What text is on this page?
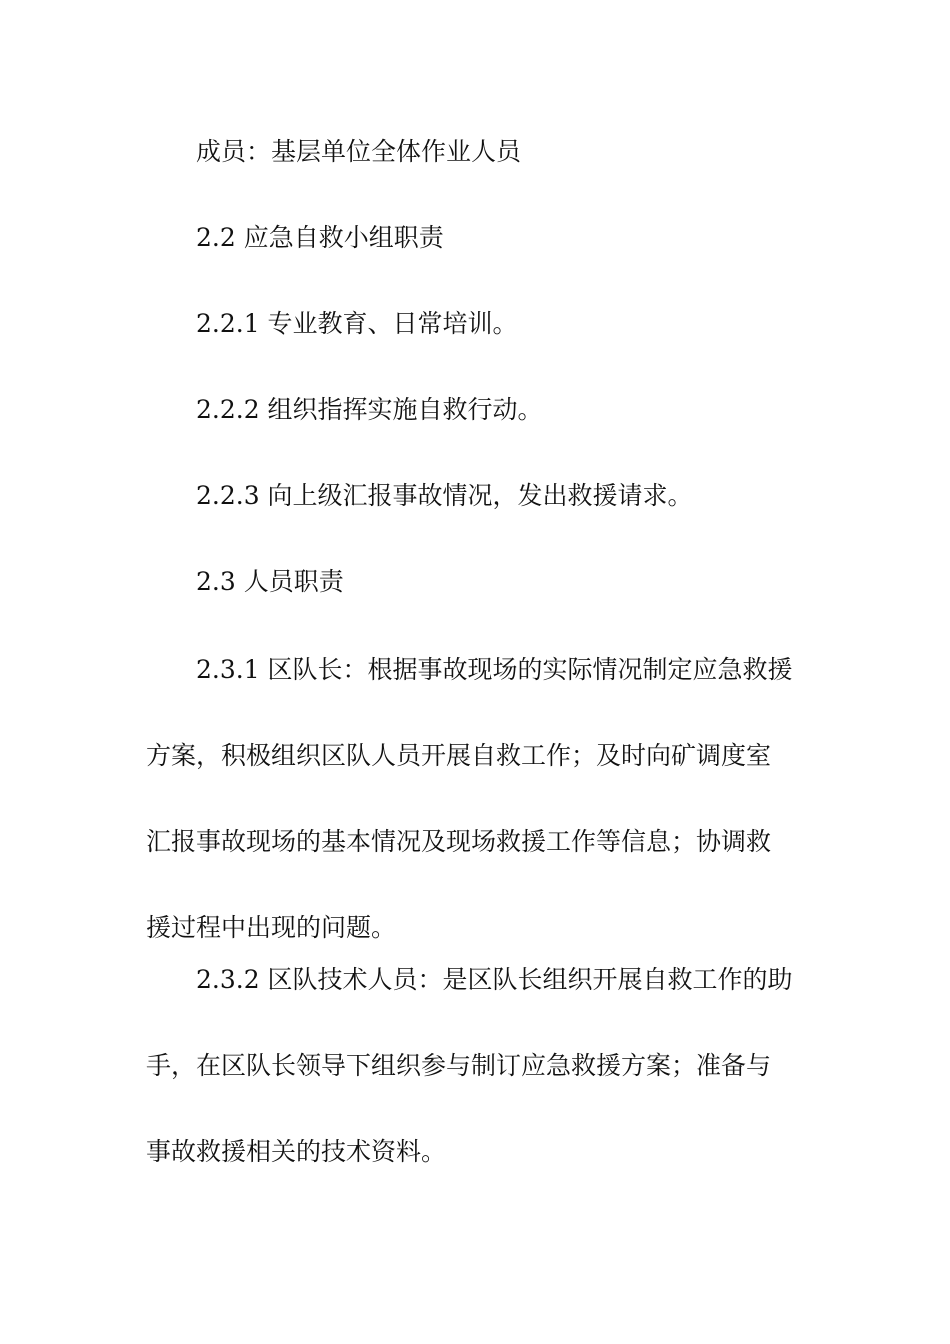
成员：基层单位全体作业人员

2.2 应急自救小组职责

2.2.1 专业教育、日常培训。

2.2.2 组织指挥实施自救行动。

2.2.3 向上级汇报事故情况，发出救援请求。

2.3 人员职责

2.3.1 区队长：根据事故现场的实际情况制定应急救援
方案，积极组织区队人员开展自救工作；及时向矿调度室
汇报事故现场的基本情况及现场救援工作等信息；协调救
援过程中出现的问题。
2.3.2 区队技术人员：是区队长组织开展自救工作的助
手，在区队长领导下组织参与制订应急救援方案；准备与
事故救援相关的技术资料。
